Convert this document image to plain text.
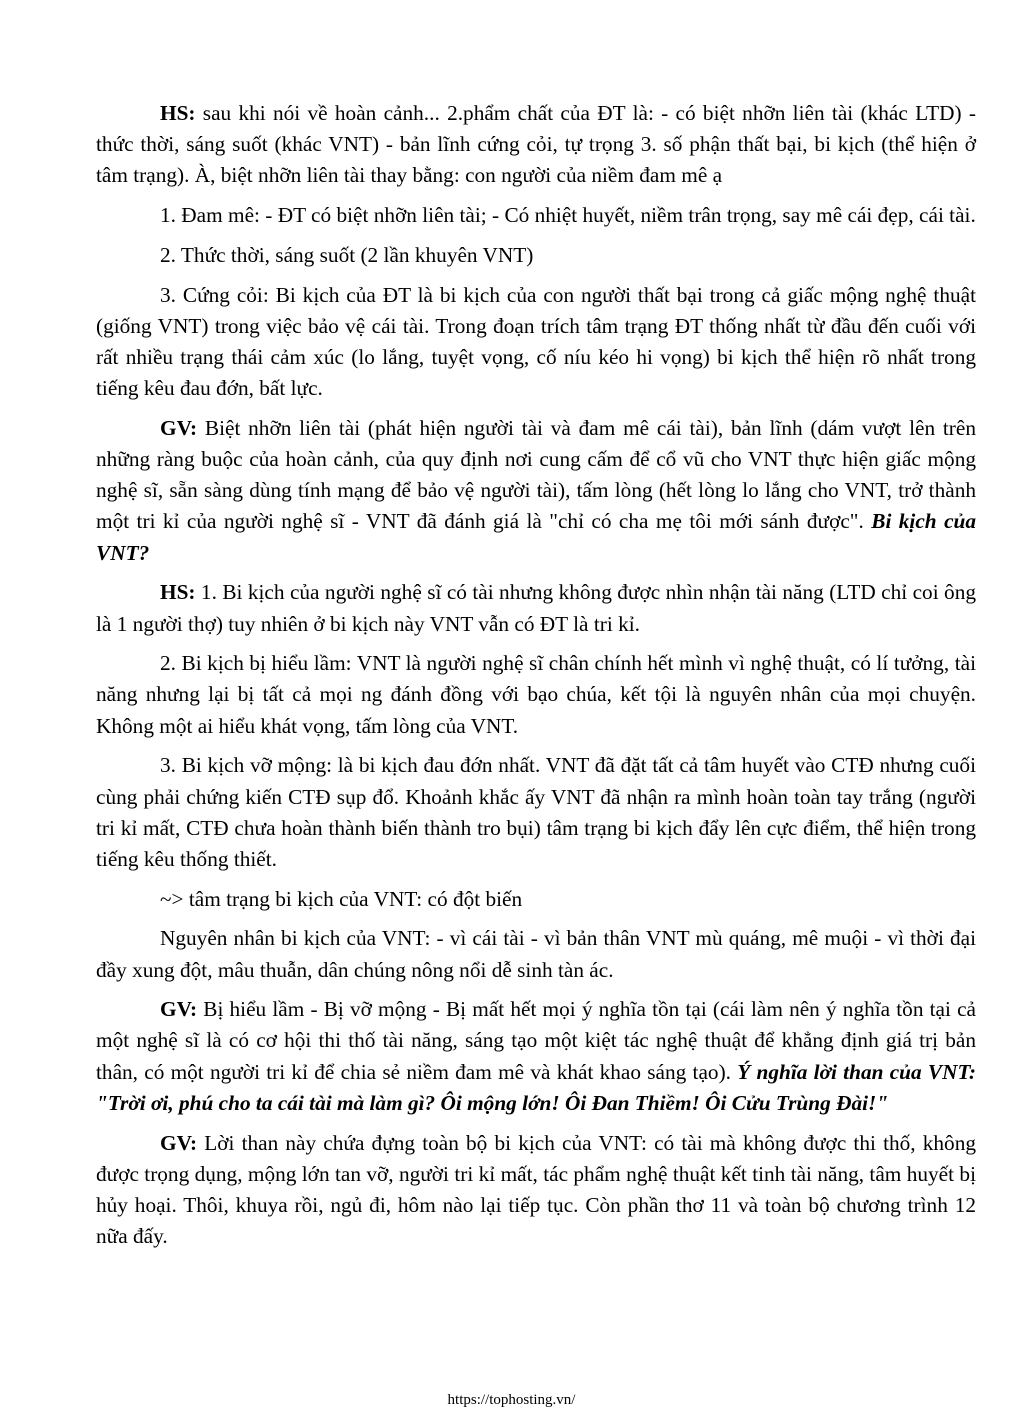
HS: sau khi nói về hoàn cảnh... 2.phẩm chất của ĐT là: - có biệt nhỡn liên tài (khác LTD) - thức thời, sáng suốt (khác VNT) - bản lĩnh cứng cỏi, tự trọng 3. số phận thất bại, bi kịch (thể hiện ở tâm trạng). À, biệt nhỡn liên tài thay bằng: con người của niềm đam mê ạ

1. Đam mê: - ĐT có biệt nhỡn liên tài; - Có nhiệt huyết, niềm trân trọng, say mê cái đẹp, cái tài.

2. Thức thời, sáng suốt (2 lần khuyên VNT)

3. Cứng cỏi: Bi kịch của ĐT là bi kịch của con người thất bại trong cả giấc mộng nghệ thuật (giống VNT) trong việc bảo vệ cái tài. Trong đoạn trích tâm trạng ĐT thống nhất từ đầu đến cuối với rất nhiều trạng thái cảm xúc (lo lắng, tuyệt vọng, cố níu kéo hi vọng) bi kịch thể hiện rõ nhất trong tiếng kêu đau đớn, bất lực.

GV: Biệt nhỡn liên tài (phát hiện người tài và đam mê cái tài), bản lĩnh (dám vượt lên trên những ràng buộc của hoàn cảnh, của quy định nơi cung cấm để cổ vũ cho VNT thực hiện giấc mộng nghệ sĩ, sẵn sàng dùng tính mạng để bảo vệ người tài), tấm lòng (hết lòng lo lắng cho VNT, trở thành một tri kỉ của người nghệ sĩ - VNT đã đánh giá là "chỉ có cha mẹ tôi mới sánh được". Bi kịch của VNT?

HS: 1. Bi kịch của người nghệ sĩ có tài nhưng không được nhìn nhận tài năng (LTD chỉ coi ông là 1 người thợ) tuy nhiên ở bi kịch này VNT vẫn có ĐT là tri kỉ.

2. Bi kịch bị hiểu lầm: VNT là người nghệ sĩ chân chính hết mình vì nghệ thuật, có lí tưởng, tài năng nhưng lại bị tất cả mọi ng đánh đồng với bạo chúa, kết tội là nguyên nhân của mọi chuyện. Không một ai hiểu khát vọng, tấm lòng của VNT.

3. Bi kịch vỡ mộng: là bi kịch đau đớn nhất. VNT đã đặt tất cả tâm huyết vào CTĐ nhưng cuối cùng phải chứng kiến CTĐ sụp đổ. Khoảnh khắc ấy VNT đã nhận ra mình hoàn toàn tay trắng (người tri kỉ mất, CTĐ chưa hoàn thành biến thành tro bụi) tâm trạng bi kịch đẩy lên cực điểm, thể hiện trong tiếng kêu thống thiết.

~> tâm trạng bi kịch của VNT: có đột biến

Nguyên nhân bi kịch của VNT: - vì cái tài - vì bản thân VNT mù quáng, mê muội - vì thời đại đầy xung đột, mâu thuẫn, dân chúng nông nổi dễ sinh tàn ác.

GV: Bị hiểu lầm - Bị vỡ mộng - Bị mất hết mọi ý nghĩa tồn tại (cái làm nên ý nghĩa tồn tại cả một nghệ sĩ là có cơ hội thi thố tài năng, sáng tạo một kiệt tác nghệ thuật để khẳng định giá trị bản thân, có một người tri kỉ để chia sẻ niềm đam mê và khát khao sáng tạo). Ý nghĩa lời than của VNT: "Trời ơi, phú cho ta cái tài mà làm gì? Ôi mộng lớn! Ôi Đan Thiềm! Ôi Cửu Trùng Đài!"

GV: Lời than này chứa đựng toàn bộ bi kịch của VNT: có tài mà không được thi thố, không được trọng dụng, mộng lớn tan vỡ, người tri kỉ mất, tác phẩm nghệ thuật kết tinh tài năng, tâm huyết bị hủy hoại. Thôi, khuya rồi, ngủ đi, hôm nào lại tiếp tục. Còn phần thơ 11 và toàn bộ chương trình 12 nữa đấy.

https://tophosting.vn/
